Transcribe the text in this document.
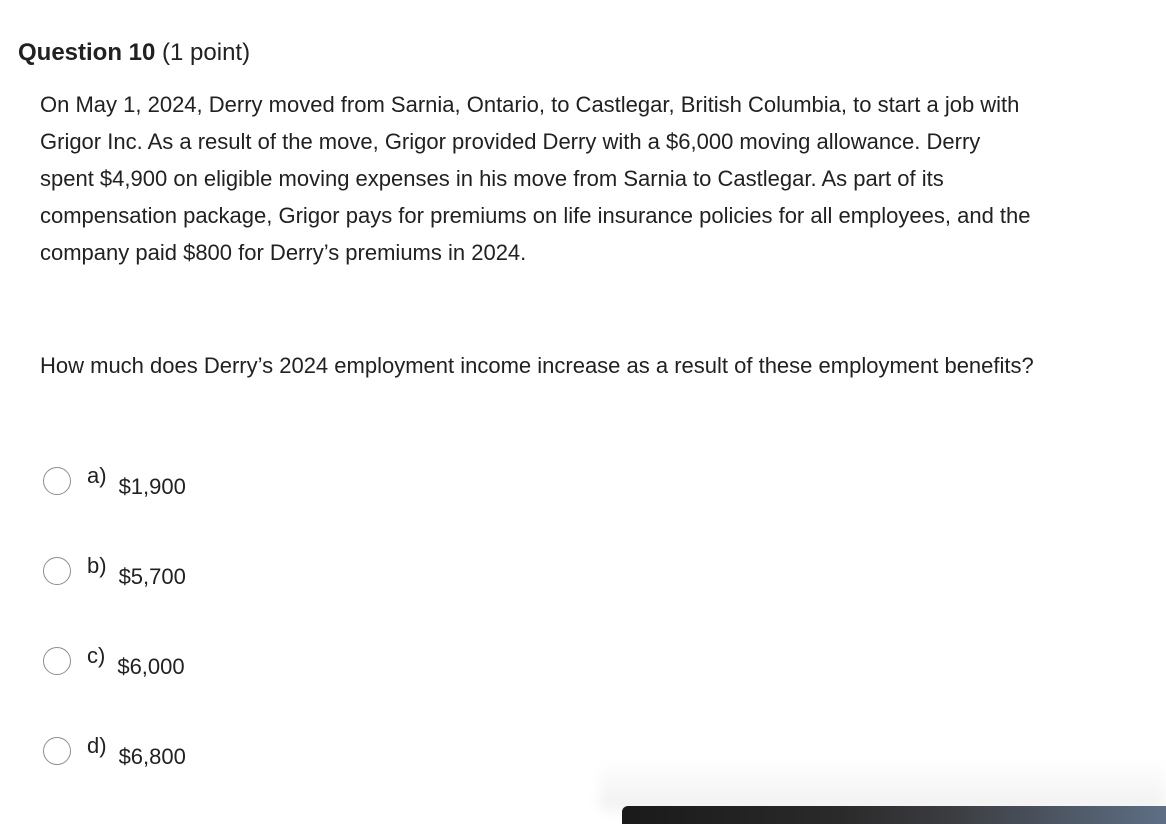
Question 10 (1 point)
On May 1, 2024, Derry moved from Sarnia, Ontario, to Castlegar, British Columbia, to start a job with Grigor Inc. As a result of the move, Grigor provided Derry with a $6,000 moving allowance. Derry spent $4,900 on eligible moving expenses in his move from Sarnia to Castlegar. As part of its compensation package, Grigor pays for premiums on life insurance policies for all employees, and the company paid $800 for Derry’s premiums in 2024.
How much does Derry’s 2024 employment income increase as a result of these employment benefits?
a) $1,900
b) $5,700
c) $6,000
d) $6,800
